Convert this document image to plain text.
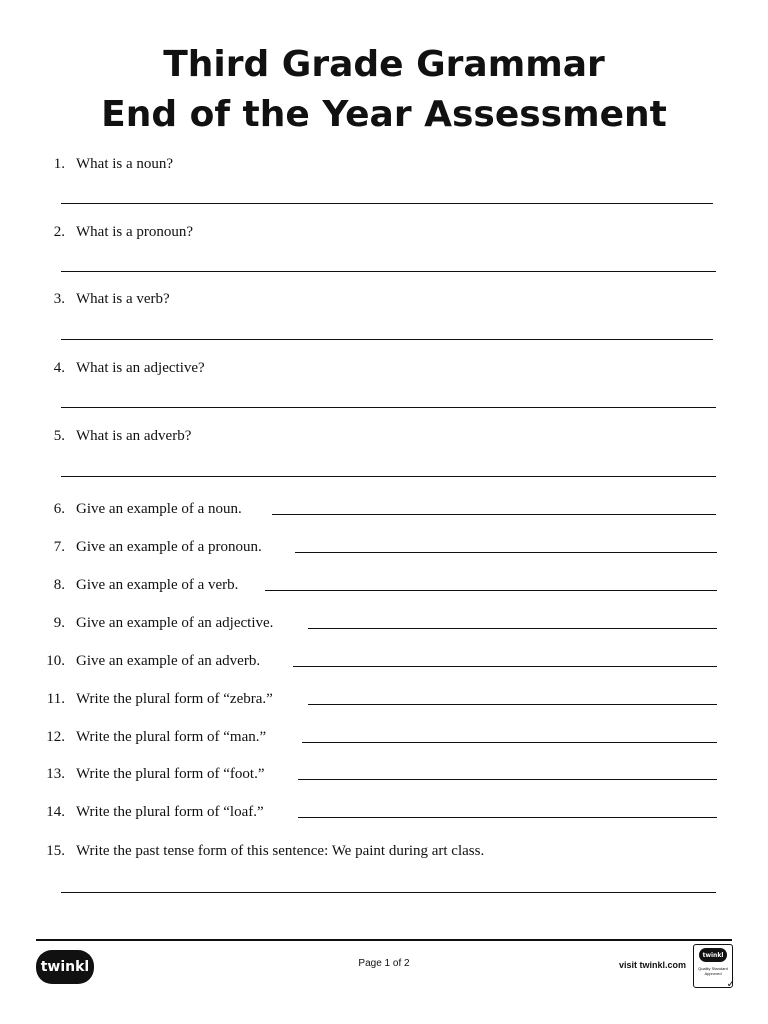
Third Grade Grammar
End of the Year Assessment
1. What is a noun?
2. What is a pronoun?
3. What is a verb?
4. What is an adjective?
5. What is an adverb?
6. Give an example of a noun.
7. Give an example of a pronoun.
8. Give an example of a verb.
9. Give an example of an adjective.
10. Give an example of an adverb.
11. Write the plural form of “zebra.”
12. Write the plural form of “man.”
13. Write the plural form of “foot.”
14. Write the plural form of “loaf.”
15. Write the past tense form of this sentence: We paint during art class.
twinkl	Page 1 of 2	visit twinkl.com
twinkl
Quality Standard Approved
✓
